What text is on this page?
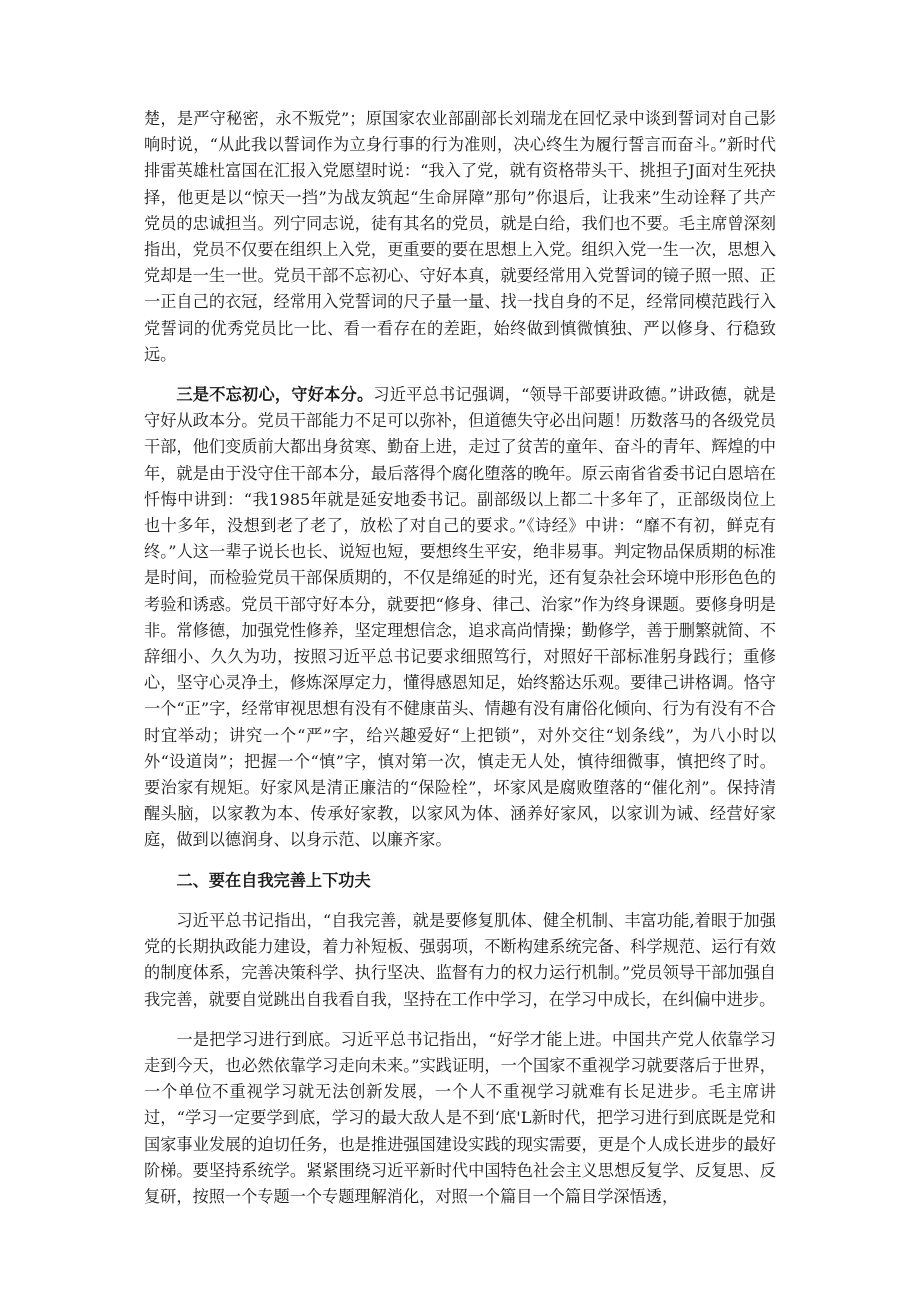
楚，是严守秘密，永不叛党”；原国家农业部副部长刘瑞龙在回忆录中谈到誓词对自己影响时说，“从此我以誓词作为立身行事的行为准则，决心终生为履行誓言而奋斗。”新时代排雷英雄杜富国在汇报入党愿望时说：“我入了党，就有资格带头干、挑担子J面对生死抉择，他更是以“惊天一挡”为战友筑起“生命屏障”那句”你退后，让我来”生动诠释了共产党员的忠诚担当。列宁同志说，徒有其名的党员，就是白给，我们也不要。毛主席曾深刻指出，党员不仅要在组织上入党，更重要的要在思想上入党。组织入党一生一次，思想入党却是一生一世。党员干部不忘初心、守好本真，就要经常用入党誓词的镜子照一照、正一正自己的衣冠，经常用入党誓词的尺子量一量、找一找自身的不足，经常同模范践行入党誓词的优秀党员比一比、看一看存在的差距，始终做到慎微慎独、严以修身、行稳致远。

三是不忘初心，守好本分。习近平总书记强调，“领导干部要讲政德。”讲政德，就是守好从政本分。党员干部能力不足可以弥补，但道德失守必出问题！历数落马的各级党员干部，他们变质前大都出身贫寒、勤奋上进，走过了贫苦的童年、奋斗的青年、辉煌的中年，就是由于没守住干部本分，最后落得个腐化堕落的晚年。原云南省省委书记白恩培在忏悔中讲到：“我1985年就是延安地委书记。副部级以上都二十多年了，正部级岗位上也十多年，没想到老了老了，放松了对自己的要求。”《诗经》中讲：“靡不有初，鲜克有终。”人这一辈子说长也长、说短也短，要想终生平安，绝非易事。判定物品保质期的标准是时间，而检验党员干部保质期的，不仅是绵延的时光，还有复杂社会环境中形形色色的考验和诱惑。党员干部守好本分，就要把“修身、律己、治家”作为终身课题。要修身明是非。常修德，加强党性修养，坚定理想信念，追求高尚情操；勤修学，善于删繁就简、不辞细小、久久为功，按照习近平总书记要求细照笃行，对照好干部标准躬身践行；重修心，坚守心灵净土，修炼深厚定力，懂得感恩知足，始终豁达乐观。要律己讲格调。恪守一个“正”字，经常审视思想有没有不健康苗头、情趣有没有庸俗化倾向、行为有没有不合时宜举动；讲究一个“严”字，给兴趣爱好“上把锁”，对外交往“划条线”，为八小时以外“设道岗”；把握一个“慎”字，慎对第一次，慎走无人处，慎待细微事，慎把终了时。要治家有规矩。好家风是清正廉洁的“保险栓”，坏家风是腐败堕落的“催化剂”。保持清醒头脑，以家教为本、传承好家教，以家风为体、涵养好家风，以家训为诫、经营好家庭，做到以德润身、以身示范、以廉齐家。

二、要在自我完善上下功夫

习近平总书记指出，“自我完善，就是要修复肌体、健全机制、丰富功能,着眼于加强党的长期执政能力建设，着力补短板、强弱项，不断构建系统完备、科学规范、运行有效的制度体系，完善决策科学、执行坚决、监督有力的权力运行机制。”党员领导干部加强自我完善，就要自觉跳出自我看自我，坚持在工作中学习，在学习中成长，在纠偏中进步。

一是把学习进行到底。习近平总书记指出，“好学才能上进。中国共产党人依靠学习走到今天，也必然依靠学习走向未来。”实践证明，一个国家不重视学习就要落后于世界，一个单位不重视学习就无法创新发展，一个人不重视学习就难有长足进步。毛主席讲过，“学习一定要学到底，学习的最大敌人是不到‘底'L新时代，把学习进行到底既是党和国家事业发展的迫切任务，也是推进强国建设实践的现实需要，更是个人成长进步的最好阶梯。要坚持系统学。紧紧围绕习近平新时代中国特色社会主义思想反复学、反复思、反复研，按照一个专题一个专题理解消化，对照一个篇目一个篇目学深悟透，
